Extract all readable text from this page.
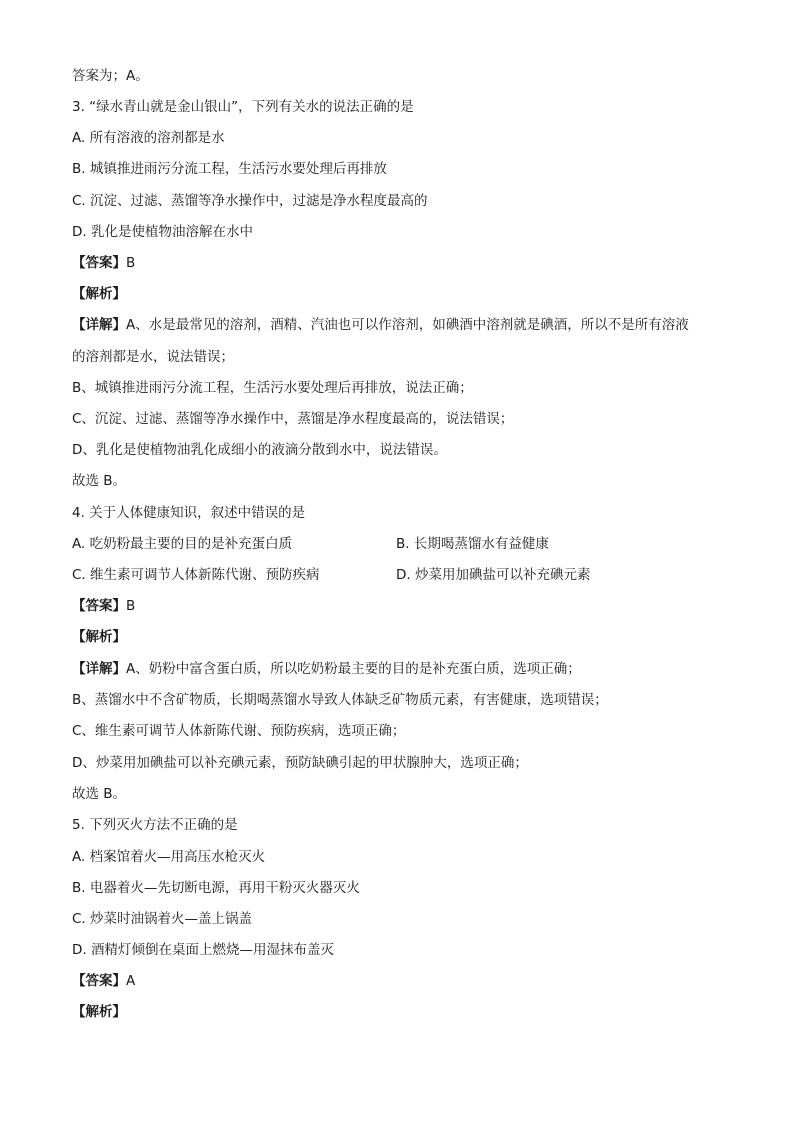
答案为；A。
3. “绿水青山就是金山银山”，下列有关水的说法正确的是
A. 所有溶液的溶剂都是水
B. 城镇推进雨污分流工程，生活污水要处理后再排放
C. 沉淀、过滤、蒸馏等净水操作中，过滤是净水程度最高的
D. 乳化是使植物油溶解在水中
【答案】B
【解析】
【详解】A、水是最常见的溶剂，酒精、汽油也可以作溶剂，如碘酒中溶剂就是碘酒，所以不是所有溶液
的溶剂都是水，说法错误；
B、城镇推进雨污分流工程，生活污水要处理后再排放，说法正确；
C、沉淀、过滤、蒸馏等净水操作中，蒸馏是净水程度最高的，说法错误；
D、乳化是使植物油乳化成细小的液滴分散到水中，说法错误。
故选 B。
4. 关于人体健康知识，叙述中错误的是
A. 吃奶粉最主要的目的是补充蛋白质	B. 长期喝蒸馏水有益健康
C. 维生素可调节人体新陈代谢、预防疾病	D. 炒菜用加碘盐可以补充碘元素
【答案】B
【解析】
【详解】A、奶粉中富含蛋白质，所以吃奶粉最主要的目的是补充蛋白质，选项正确；
B、蒸馏水中不含矿物质，长期喝蒸馏水导致人体缺乏矿物质元素，有害健康，选项错误；
C、维生素可调节人体新陈代谢、预防疾病，选项正确；
D、炒菜用加碘盐可以补充碘元素，预防缺碘引起的甲状腺肿大，选项正确；
故选 B。
5. 下列灭火方法不正确的是
A. 档案馆着火—用高压水枪灭火
B. 电器着火—先切断电源，再用干粉灭火器灭火
C. 炒菜时油锅着火—盖上锅盖
D. 酒精灯倾倒在桌面上燃烧—用湿抹布盖灭
【答案】A
【解析】
